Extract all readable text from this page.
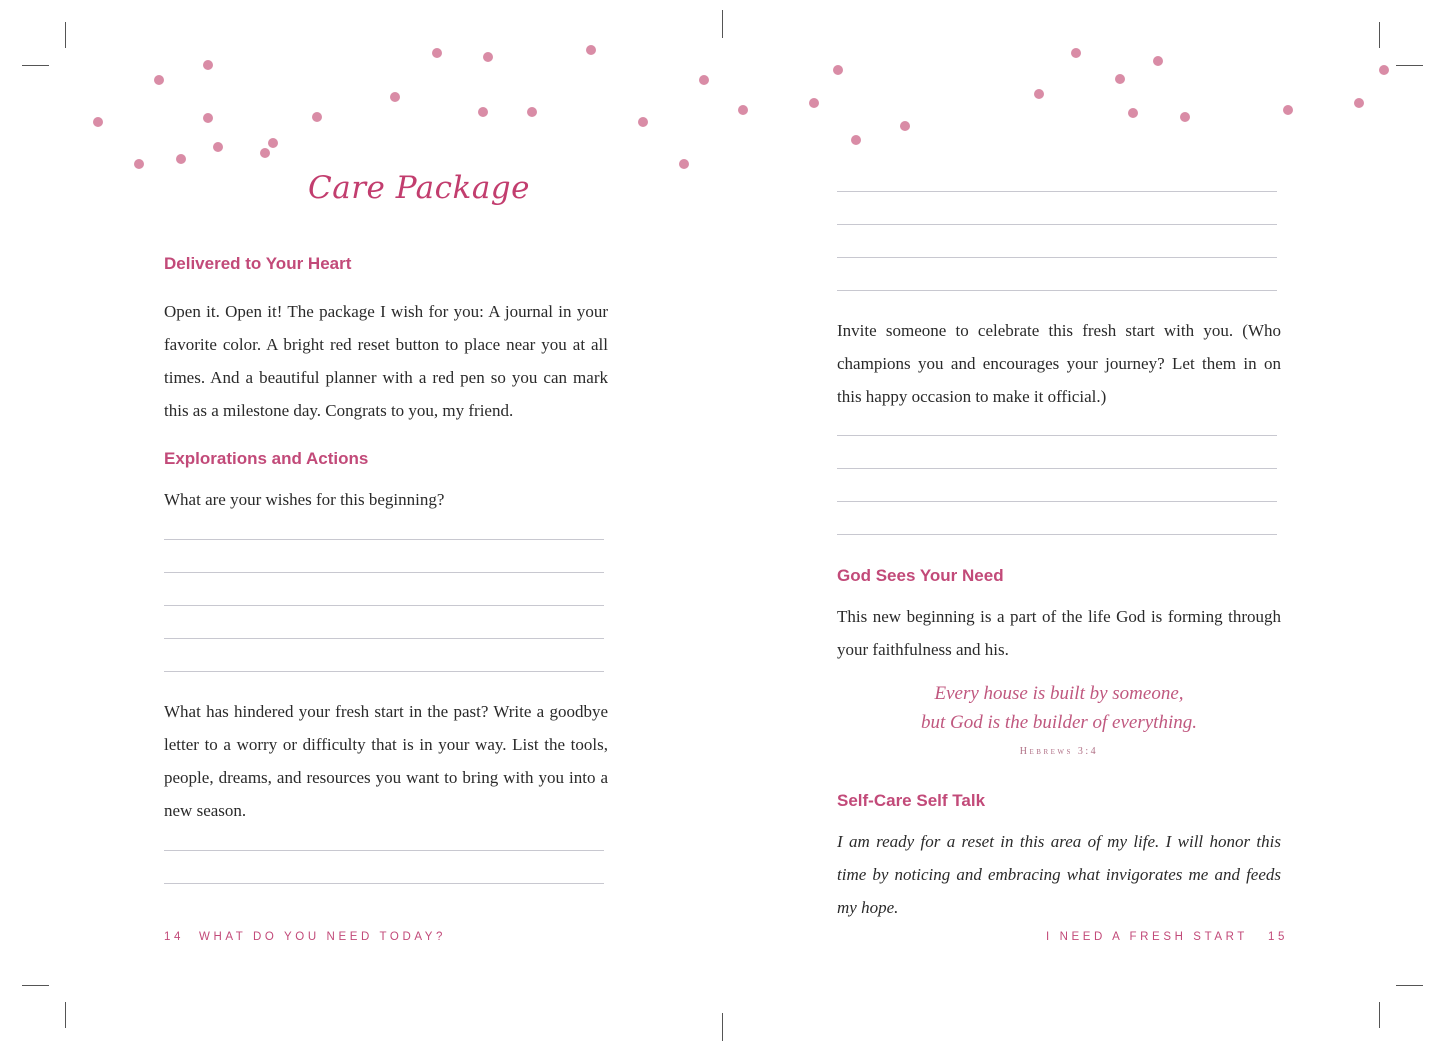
Care Package
Delivered to Your Heart
Open it. Open it! The package I wish for you: A journal in your favorite color. A bright red reset button to place near you at all times. And a beautiful planner with a red pen so you can mark this as a milestone day. Congrats to you, my friend.
Explorations and Actions
What are your wishes for this beginning?
What has hindered your fresh start in the past? Write a goodbye letter to a worry or difficulty that is in your way. List the tools, people, dreams, and resources you want to bring with you into a new season.
14 WHAT DO YOU NEED TODAY?
Invite someone to celebrate this fresh start with you. (Who champions you and encourages your journey? Let them in on this happy occasion to make it official.)
God Sees Your Need
This new beginning is a part of the life God is forming through your faithfulness and his.
Every house is built by someone,
but God is the builder of everything.
Hebrews 3:4
Self-Care Self Talk
I am ready for a reset in this area of my life. I will honor this time by noticing and embracing what invigorates me and feeds my hope.
I NEED A FRESH START 15
